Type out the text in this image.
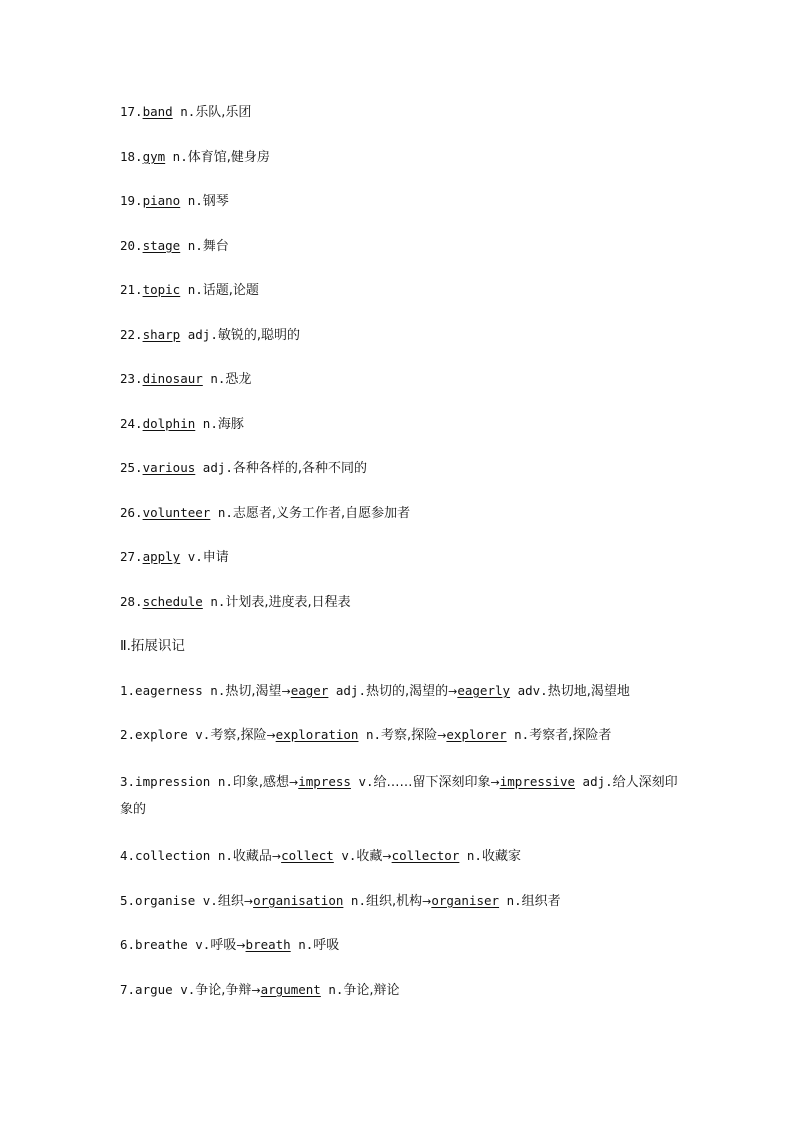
17.band n.乐队,乐团
18.gym n.体育馆,健身房
19.piano n.钢琴
20.stage n.舞台
21.topic n.话题,论题
22.sharp adj.敏锐的,聪明的
23.dinosaur n.恐龙
24.dolphin n.海豚
25.various adj.各种各样的,各种不同的
26.volunteer n.志愿者,义务工作者,自愿参加者
27.apply v.申请
28.schedule n.计划表,进度表,日程表
Ⅱ.拓展识记
1.eagerness n.热切,渴望→eager adj.热切的,渴望的→eagerly adv.热切地,渴望地
2.explore v.考察,探险→exploration n.考察,探险→explorer n.考察者,探险者
3.impression n.印象,感想→impress v.给……留下深刻印象→impressive adj.给人深刻印象的
4.collection n.收藏品→collect v.收藏→collector n.收藏家
5.organise v.组织→organisation n.组织,机构→organiser n.组织者
6.breathe v.呼吸→breath n.呼吸
7.argue v.争论,争辩→argument n.争论,辩论
